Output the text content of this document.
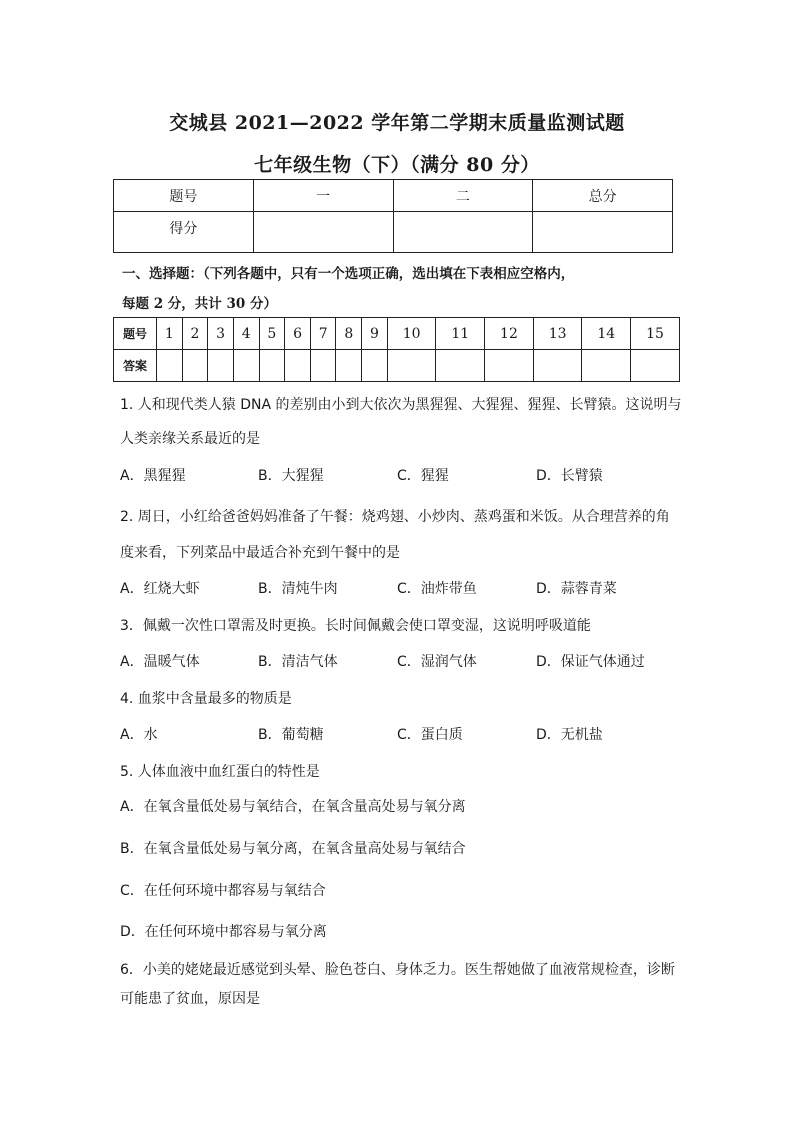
交城县 2021—2022 学年第二学期末质量监测试题
七年级生物（下）（满分 80 分）
题号	一	二	总分
得分			
一、选择题：（下列各题中，只有一个选项正确，选出填在下表相应空格内，
每题 2 分，共计 30 分）
题号	1	2	3	4	5	6	7	8	9	10	11	12	13	14	15
答案															
1. 人和现代类人猿 DNA 的差别由小到大依次为黑猩猩、大猩猩、猩猩、长臂猿。这说明与
人类亲缘关系最近的是
A．黑猩猩	B．大猩猩	C．猩猩	D．长臂猿
2. 周日，小红给爸爸妈妈准备了午餐：烧鸡翅、小炒肉、蒸鸡蛋和米饭。从合理营养的角
度来看，下列菜品中最适合补充到午餐中的是
A．红烧大虾	B．清炖牛肉	C．油炸带鱼	D．蒜蓉青菜
3．佩戴一次性口罩需及时更换。长时间佩戴会使口罩变湿，这说明呼吸道能
A．温暖气体	B．清洁气体	C．湿润气体	D．保证气体通过
4. 血浆中含量最多的物质是
A．水	B．葡萄糖	C．蛋白质	D．无机盐
5. 人体血液中血红蛋白的特性是
A．在氧含量低处易与氧结合，在氧含量高处易与氧分离
B．在氧含量低处易与氧分离，在氧含量高处易与氧结合
C．在任何环境中都容易与氧结合
D．在任何环境中都容易与氧分离
6．小美的姥姥最近感觉到头晕、脸色苍白、身体乏力。医生帮她做了血液常规检查，诊断
可能患了贫血，原因是
